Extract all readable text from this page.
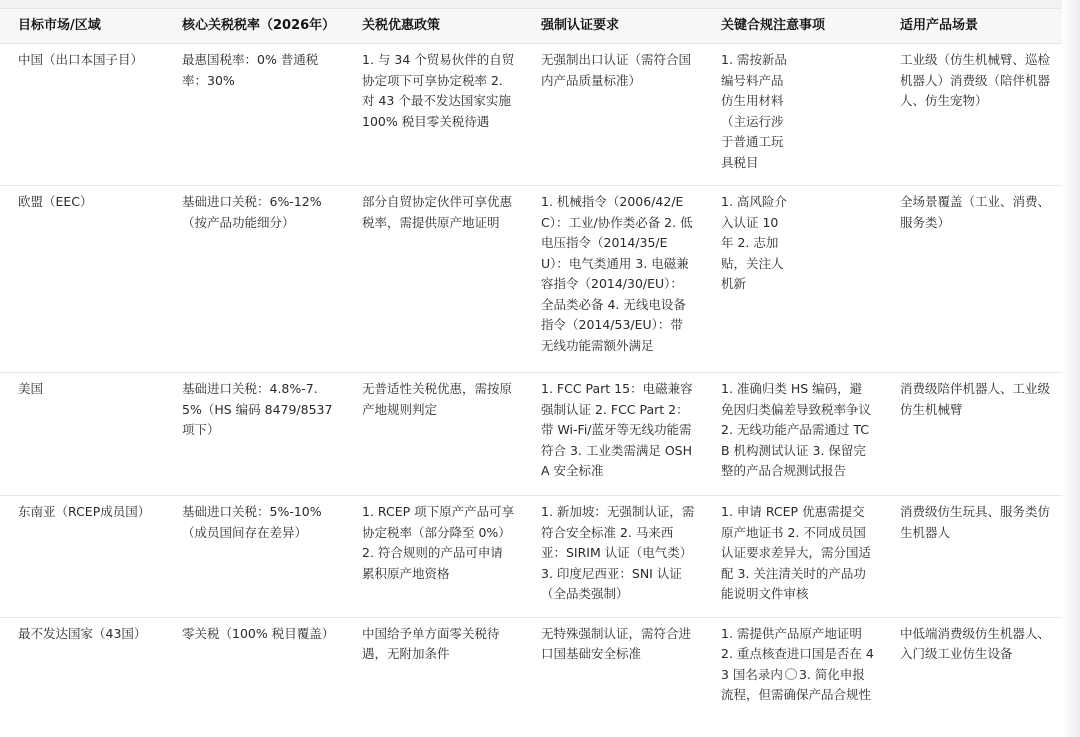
目标市场/区域	核心关税税率（2026年）	关税优惠政策	强制认证要求	关键合规注意事项	适用产品场景
中国（出口本国子目）	最惠国税率：0% 普通税率：30%	1. 与 34 个贸易伙伴的自贸协定项下可享协定税率 2. 对 43 个最不发达国家实施 100% 税目零关税待遇	无强制出口认证（需符合国内产品质量标准）	1. 需按新品编号料产品仿生用材料（主运行涉于普通工玩具税目	工业级（仿生机械臂、巡检机器人）消费级（陪伴机器人、仿生宠物）
欧盟（EEC）	基础进口关税：6%-12%（按产品功能细分）	部分自贸协定伙伴可享优惠税率，需提供原产地证明	1. 机械指令（2006/42/EC）：工业/协作类必备 2. 低电压指令（2014/35/EU）：电气类通用 3. 电磁兼容指令（2014/30/EU）：全品类必备 4. 无线电设备指令（2014/53/EU）：带无线功能需额外满足	1. 高风险介入认证 10年 2. 志加贴，关注人机新	全场景覆盖（工业、消费、服务类）
美国	基础进口关税：4.8%-7.5%（HS 编码 8479/8537 项下）	无普适性关税优惠，需按原产地规则判定	1. FCC Part 15：电磁兼容强制认证 2. FCC Part 2：带 Wi-Fi/蓝牙等无线功能需符合 3. 工业类需满足 OSHA 安全标准	1. 准确归类 HS 编码，避免因归类偏差导致税率争议 2. 无线功能产品需通过 TCB 机构测试认证 3. 保留完整的产品合规测试报告	消费级陪伴机器人、工业级仿生机械臂
东南亚（RCEP成员国）	基础进口关税：5%-10%（成员国间存在差异）	1. RCEP 项下原产产品可享协定税率（部分降至 0%）2. 符合规则的产品可申请累积原产地资格	1. 新加坡：无强制认证，需符合安全标准 2. 马来西亚：SIRIM 认证（电气类）3. 印度尼西亚：SNI 认证（全品类强制）	1. 申请 RCEP 优惠需提交原产地证书 2. 不同成员国认证要求差异大，需分国适配 3. 关注清关时的产品功能说明文件审核	消费级仿生玩具、服务类仿生机器人
最不发达国家（43国）	零关税（100% 税目覆盖）	中国给予单方面零关税待遇，无附加条件	无特殊强制认证，需符合进口国基础安全标准	1. 需提供产品原产地证明 2. 重点核查进口国是否在 43 国名录内 3. 简化申报流程，但需确保产品合规性	中低端消费级仿生机器人、入门级工业仿生设备
